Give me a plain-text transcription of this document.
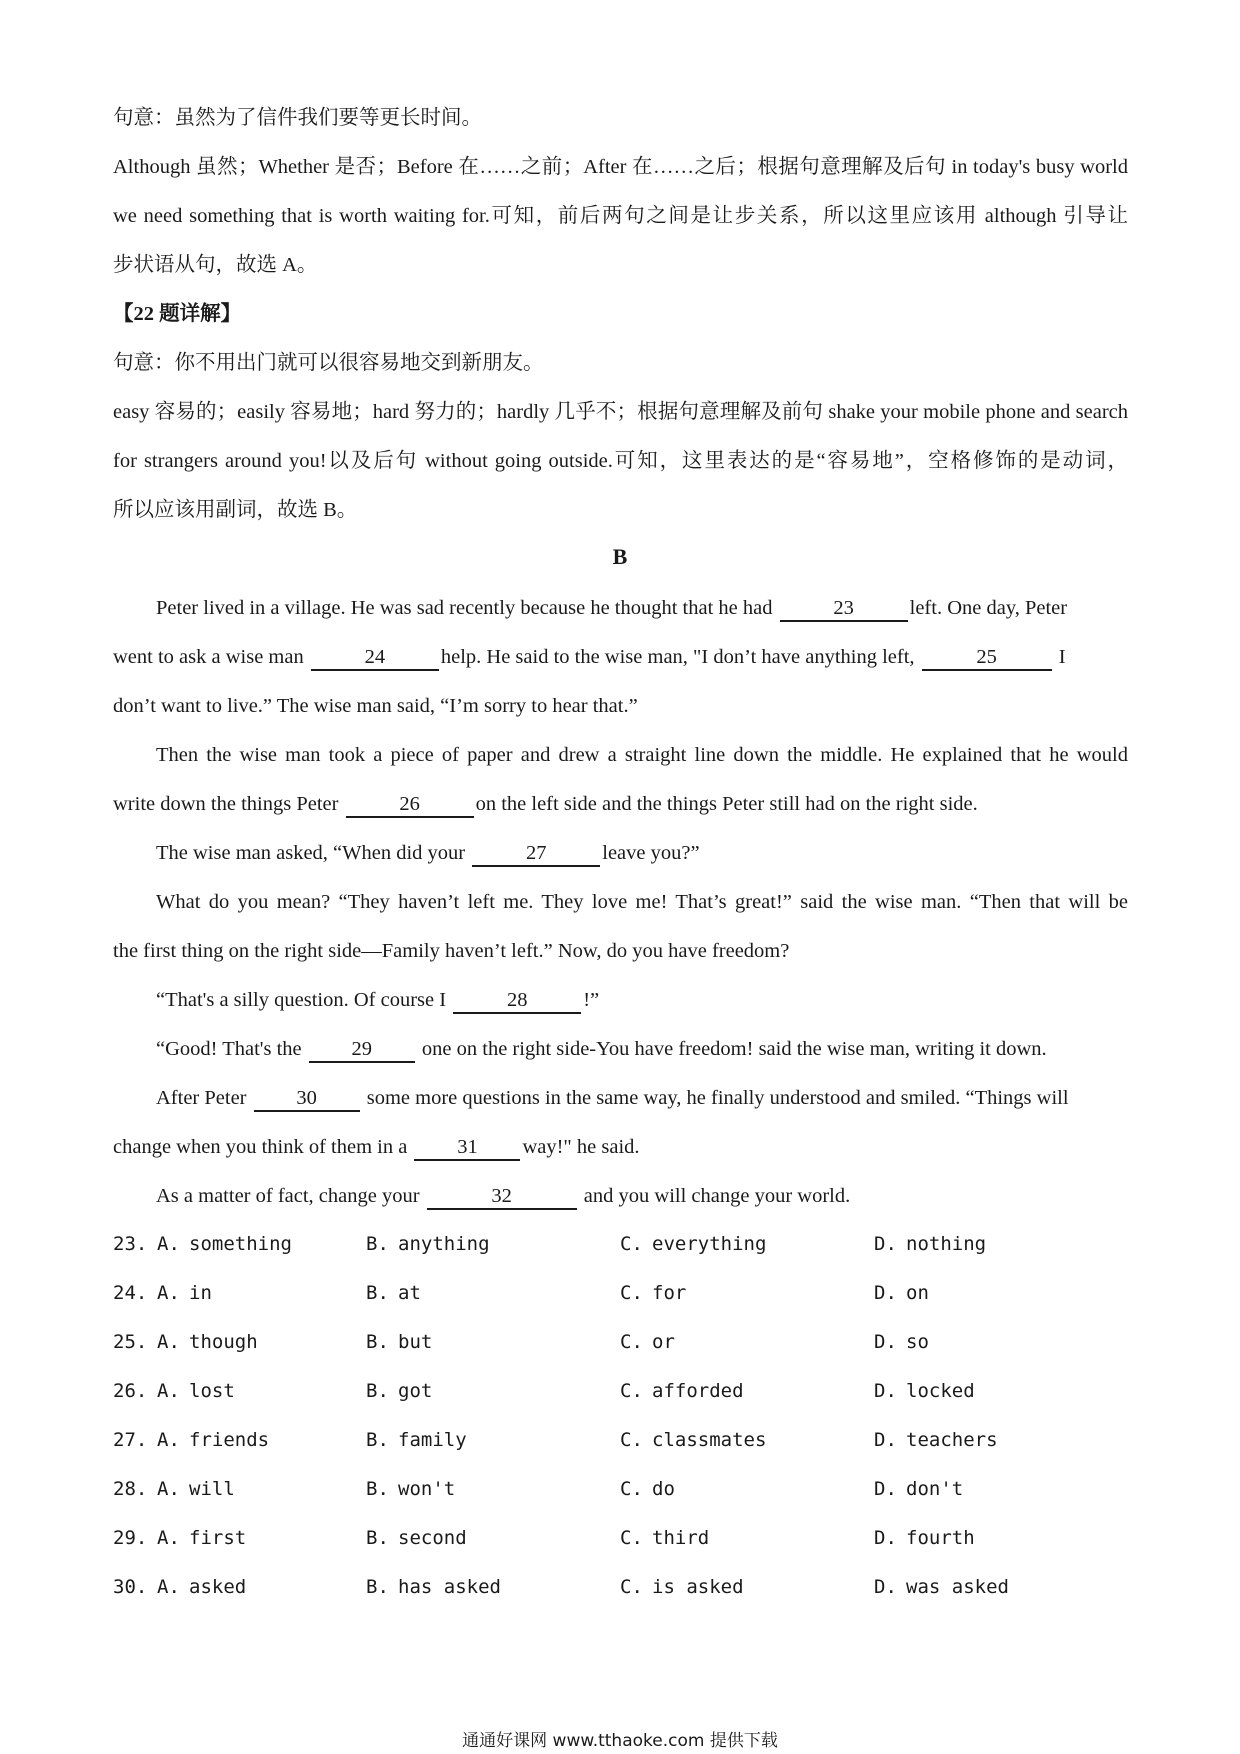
句意：虽然为了信件我们要等更长时间。
Although 虽然；Whether 是否；Before 在……之前；After 在……之后；根据句意理解及后句 in today's busy world
we need something that is worth waiting for.可知，前后两句之间是让步关系，所以这里应该用 although 引导让
步状语从句，故选 A。
【22 题详解】
句意：你不用出门就可以很容易地交到新朋友。
easy 容易的；easily 容易地；hard 努力的；hardly 几乎不；根据句意理解及前句 shake your mobile phone and search
for strangers around you!以及后句 without going outside.可知，这里表达的是“容易地”，空格修饰的是动词，
所以应该用副词，故选 B。
B
Peter lived in a village. He was sad recently because he thought that he had	23	left. One day, Peter
went to ask a wise man	24	help. He said to the wise man, "I don’t have anything left,	25	I
don’t want to live.” The wise man said, “I’m sorry to hear that.”
Then the wise man took a piece of paper and drew a straight line down the middle. He explained that he would
write down the things Peter	26	on the left side and the things Peter still had on the right side.
The wise man asked, “When did your	27	leave you?”
What do you mean? “They haven’t left me. They love me! That’s great!” said the wise man. “Then that will be
the first thing on the right side—Family haven’t left.” Now, do you have freedom?
“That's a silly question. Of course I	28	!”
“Good! That's the 29 one on the right side-You have freedom! said the wise man, writing it down.
After Peter 30 some more questions in the same way, he finally understood and smiled. “Things will
change when you think of them in a 31 way!" he said.
As a matter of fact, change your	32	and you will change your world.
23. A. something	B. anything	C. everything	D. nothing
24. A. in	B. at	C. for	D. on
25. A. though	B. but	C. or	D. so
26. A. lost	B. got	C. afforded	D. locked
27. A. friends	B. family	C. classmates	D. teachers
28. A. will	B. won't	C. do	D. don't
29. A. first	B. second	C. third	D. fourth
30. A. asked	B. has asked	C. is asked	D. was asked
通通好课网 www.tthaoke.com 提供下载
